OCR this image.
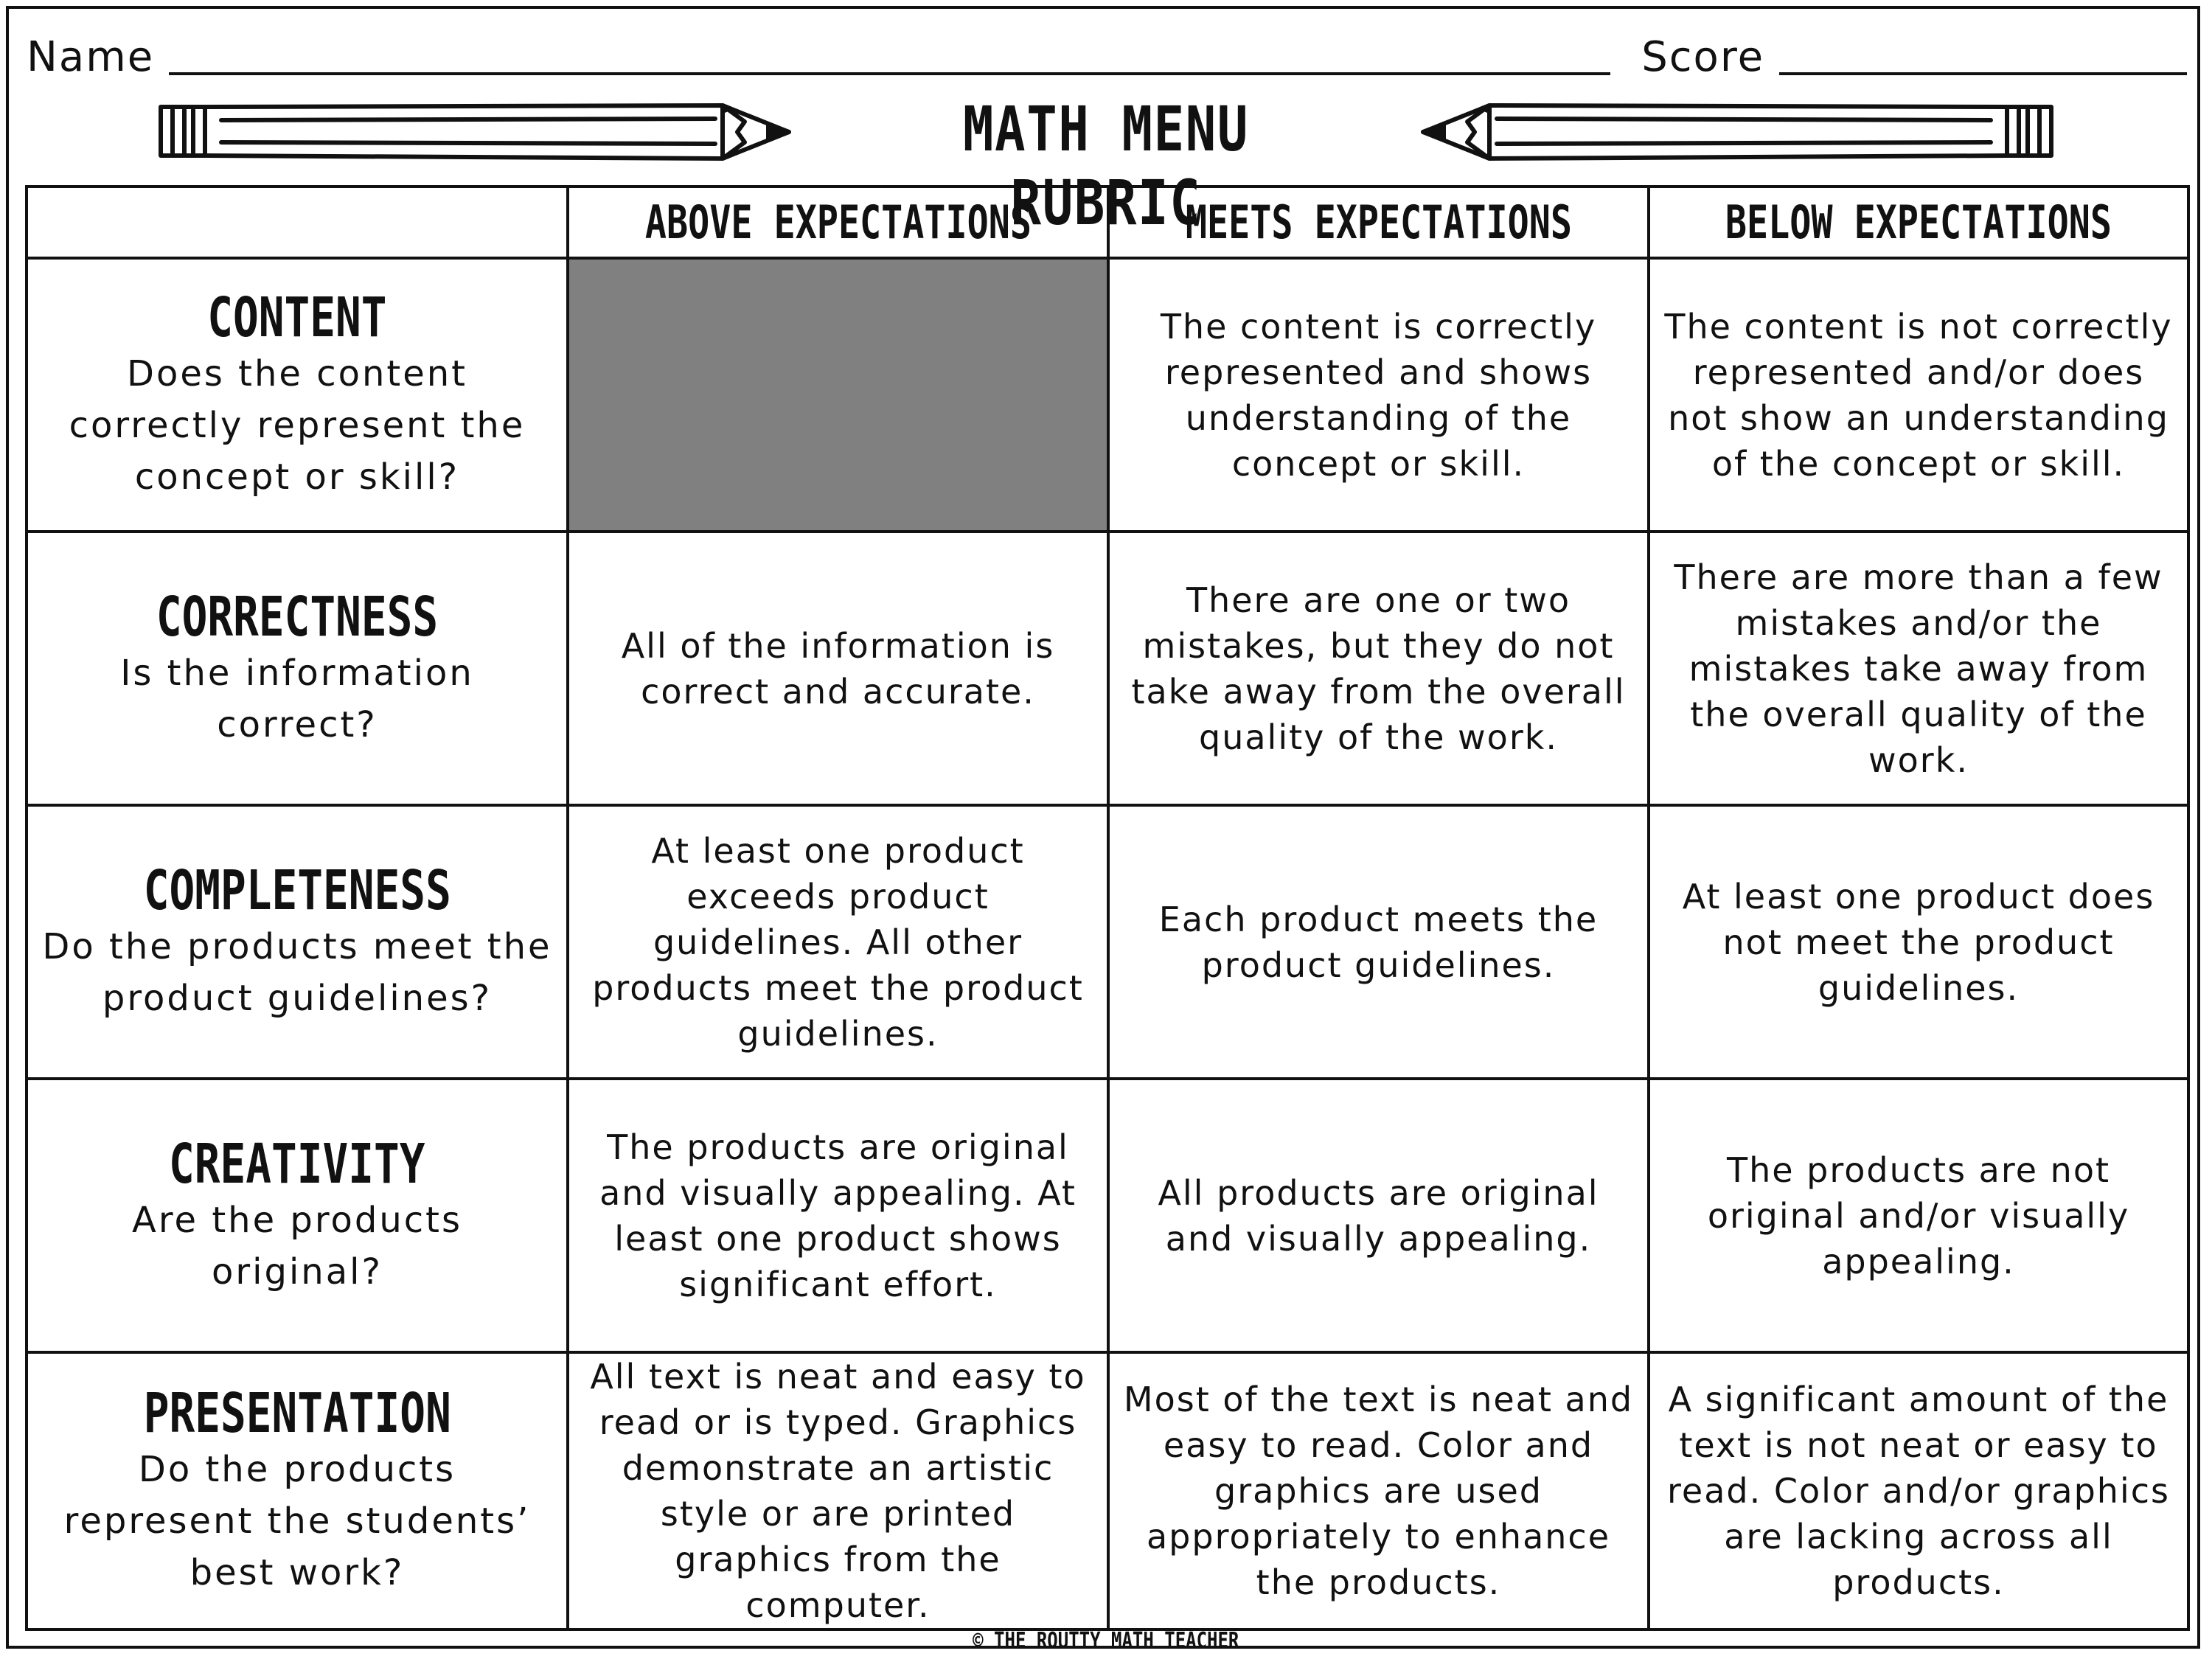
Name	Score
MATH MENU RUBRIC
	ABOVE EXPECTATIONS	MEETS EXPECTATIONS	BELOW EXPECTATIONS
CONTENT
Does the content correctly represent the concept or skill?		The content is correctly represented and shows understanding of the concept or skill.	The content is not correctly represented and/or does not show an understanding of the concept or skill.

CORRECTNESS
Is the information correct?	All of the information is correct and accurate.	There are one or two mistakes, but they do not take away from the overall quality of the work.	There are more than a few mistakes and/or the mistakes take away from the overall quality of the work.

COMPLETENESS
Do the products meet the product guidelines?	At least one product exceeds product guidelines. All other products meet the product guidelines.	Each product meets the product guidelines.	At least one product does not meet the product guidelines.

CREATIVITY
Are the products original?	The products are original and visually appealing. At least one product shows significant effort.	All products are original and visually appealing.	The products are not original and/or visually appealing.

PRESENTATION
Do the products represent the students’ best work?	All text is neat and easy to read or is typed. Graphics demonstrate an artistic style or are printed graphics from the computer.	Most of the text is neat and easy to read. Color and graphics are used appropriately to enhance the products.	A significant amount of the text is not neat or easy to read. Color and/or graphics are lacking across all products.
© THE ROUTTY MATH TEACHER
